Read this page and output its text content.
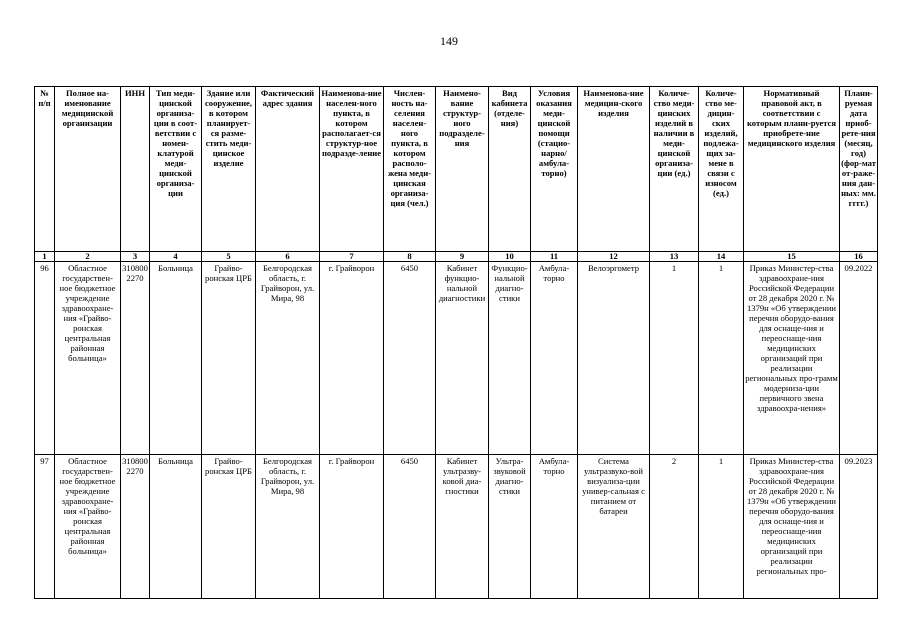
149
№ п/п	Полное на-именование медицинской организации	ИНН	Тип меди-цинской организа-ции в соот-ветствии с номен-клатурой меди-цинской организа-ции	Здание или сооружение, в котором планирует-ся разме-стить меди-цинское изделие	Фактический адрес здания	Наименова-ние населен-ного пункта, в котором располагает-ся структур-ное подразде-ление	Числен-ность на-селения населен-ного пункта, в котором располо-жена меди-цинская организа-ция (чел.)	Наимено-вание структур-ного подразделе-ния	Вид кабинета (отделе-ния)	Условия оказания меди-цинской помощи (стацио-нарно/ амбула-торно)	Наименова-ние медицин-ского изделия	Количе-ство меди-цинских изделий в наличии в меди-цинской организа-ции (ед.)	Количе-ство ме-дицин-ских изделий, подлежа-щих за-мене в связи с износом (ед.)	Нормативный правовой акт, в соответствии с которым плани-руется приобрете-ние медицинского изделия	Плани-руемая дата приоб-рете-ния (месяц, год) (фор-мат от-раже-ния дан-ных: мм. гггг.)
1	2	3	4	5	6	7	8	9	10	11	12	13	14	15	16
96	Областное государствен-ное бюджетное учреждение здравоохране-ния «Грайво-ронская центральная районная больница»	3108002270	Больница	Грайво-ронская ЦРБ	Белгородская область, г. Грайворон, ул. Мира, 98	г. Грайворон	6450	Кабинет функцио-нальной диагностики	Функцио-нальной диагно-стики	Амбула-торно	Велоэргометр	1	1	Приказ Министер-ства здравоохране-ния Российской Федерации от 28 декабря 2020 г. № 1379н «Об утверждении перечня оборудо-вания для оснаще-ния и переоснаще-ния медицинских организаций при реализации региональных про-грамм модерниза-ции первичного звена здравоохра-нения»	09.2022
97	Областное государствен-ное бюджетное учреждение здравоохране-ния «Грайво-ронская центральная районная больница»	3108002270	Больница	Грайво-ронская ЦРБ	Белгородская область, г. Грайворон, ул. Мира, 98	г. Грайворон	6450	Кабинет ультразву-ковой диа-гностики	Ультра-звуковой диагно-стики	Амбула-торно	Система ультразвуко-вой визуализа-ции универ-сальная с питанием от батареи	2	1	Приказ Министер-ства здравоохране-ния Российской Федерации от 28 декабря 2020 г. № 1379н «Об утверждении перечня оборудо-вания для оснаще-ния и переоснаще-ния медицинских организаций при реализации региональных про-	09.2023
